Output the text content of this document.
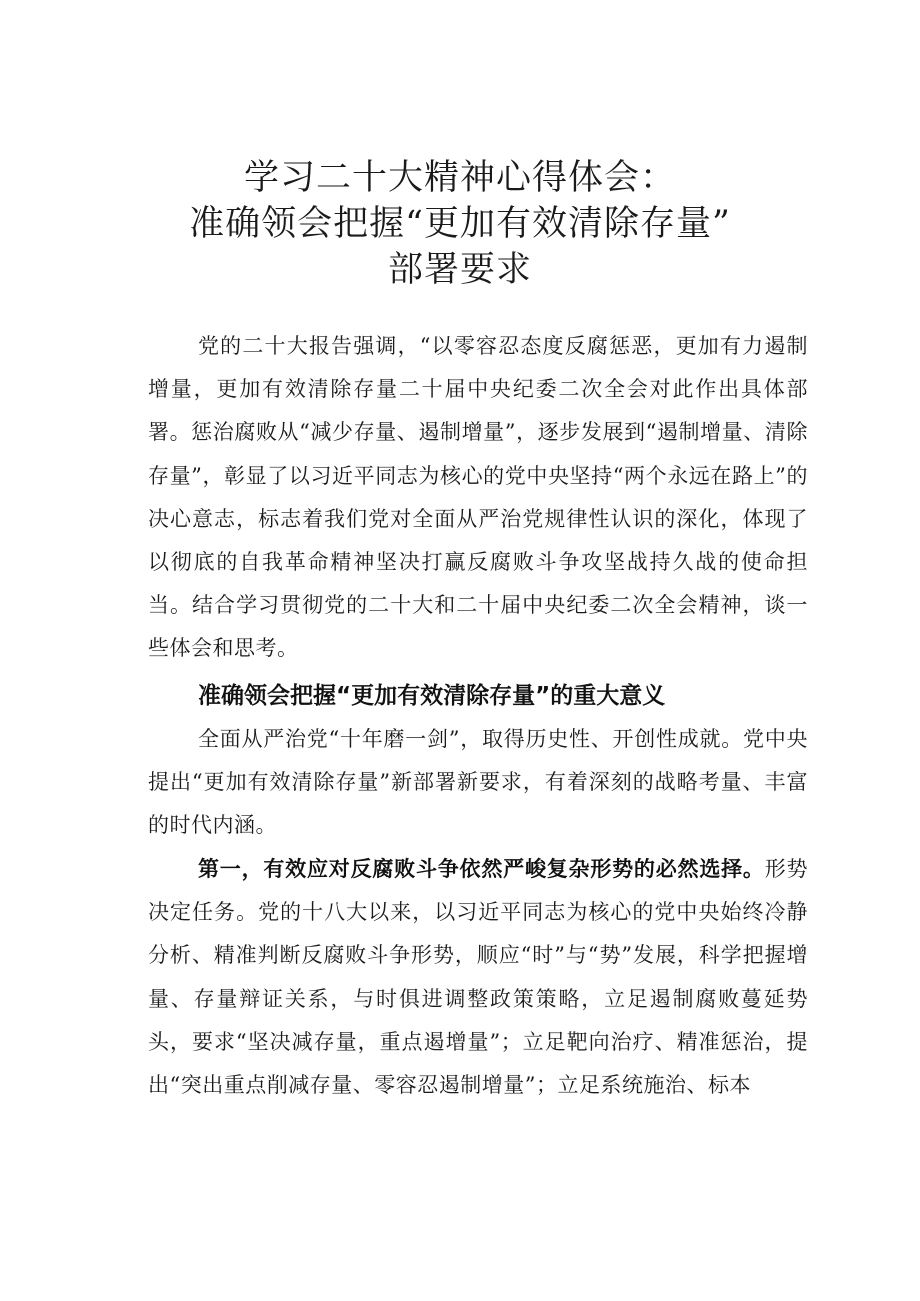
学习二十大精神心得体会：
准确领会把握“更加有效清除存量”
部署要求

党的二十大报告强调，“以零容忍态度反腐惩恶，更加有力遏制增量，更加有效清除存量二十届中央纪委二次全会对此作出具体部署。惩治腐败从“减少存量、遏制增量”，逐步发展到“遏制增量、清除存量”，彰显了以习近平同志为核心的党中央坚持“两个永远在路上”的决心意志，标志着我们党对全面从严治党规律性认识的深化，体现了以彻底的自我革命精神坚决打赢反腐败斗争攻坚战持久战的使命担当。结合学习贯彻党的二十大和二十届中央纪委二次全会精神，谈一些体会和思考。

准确领会把握“更加有效清除存量”的重大意义

全面从严治党“十年磨一剑”，取得历史性、开创性成就。党中央提出“更加有效清除存量”新部署新要求，有着深刻的战略考量、丰富的时代内涵。

第一，有效应对反腐败斗争依然严峻复杂形势的必然选择。形势决定任务。党的十八大以来，以习近平同志为核心的党中央始终冷静分析、精准判断反腐败斗争形势，顺应“时”与“势”发展，科学把握增量、存量辩证关系，与时俱进调整政策策略，立足遏制腐败蔓延势头，要求“坚决减存量，重点遏增量”；立足靶向治疗、精准惩治，提出“突出重点削减存量、零容忍遏制增量”；立足系统施治、标本
